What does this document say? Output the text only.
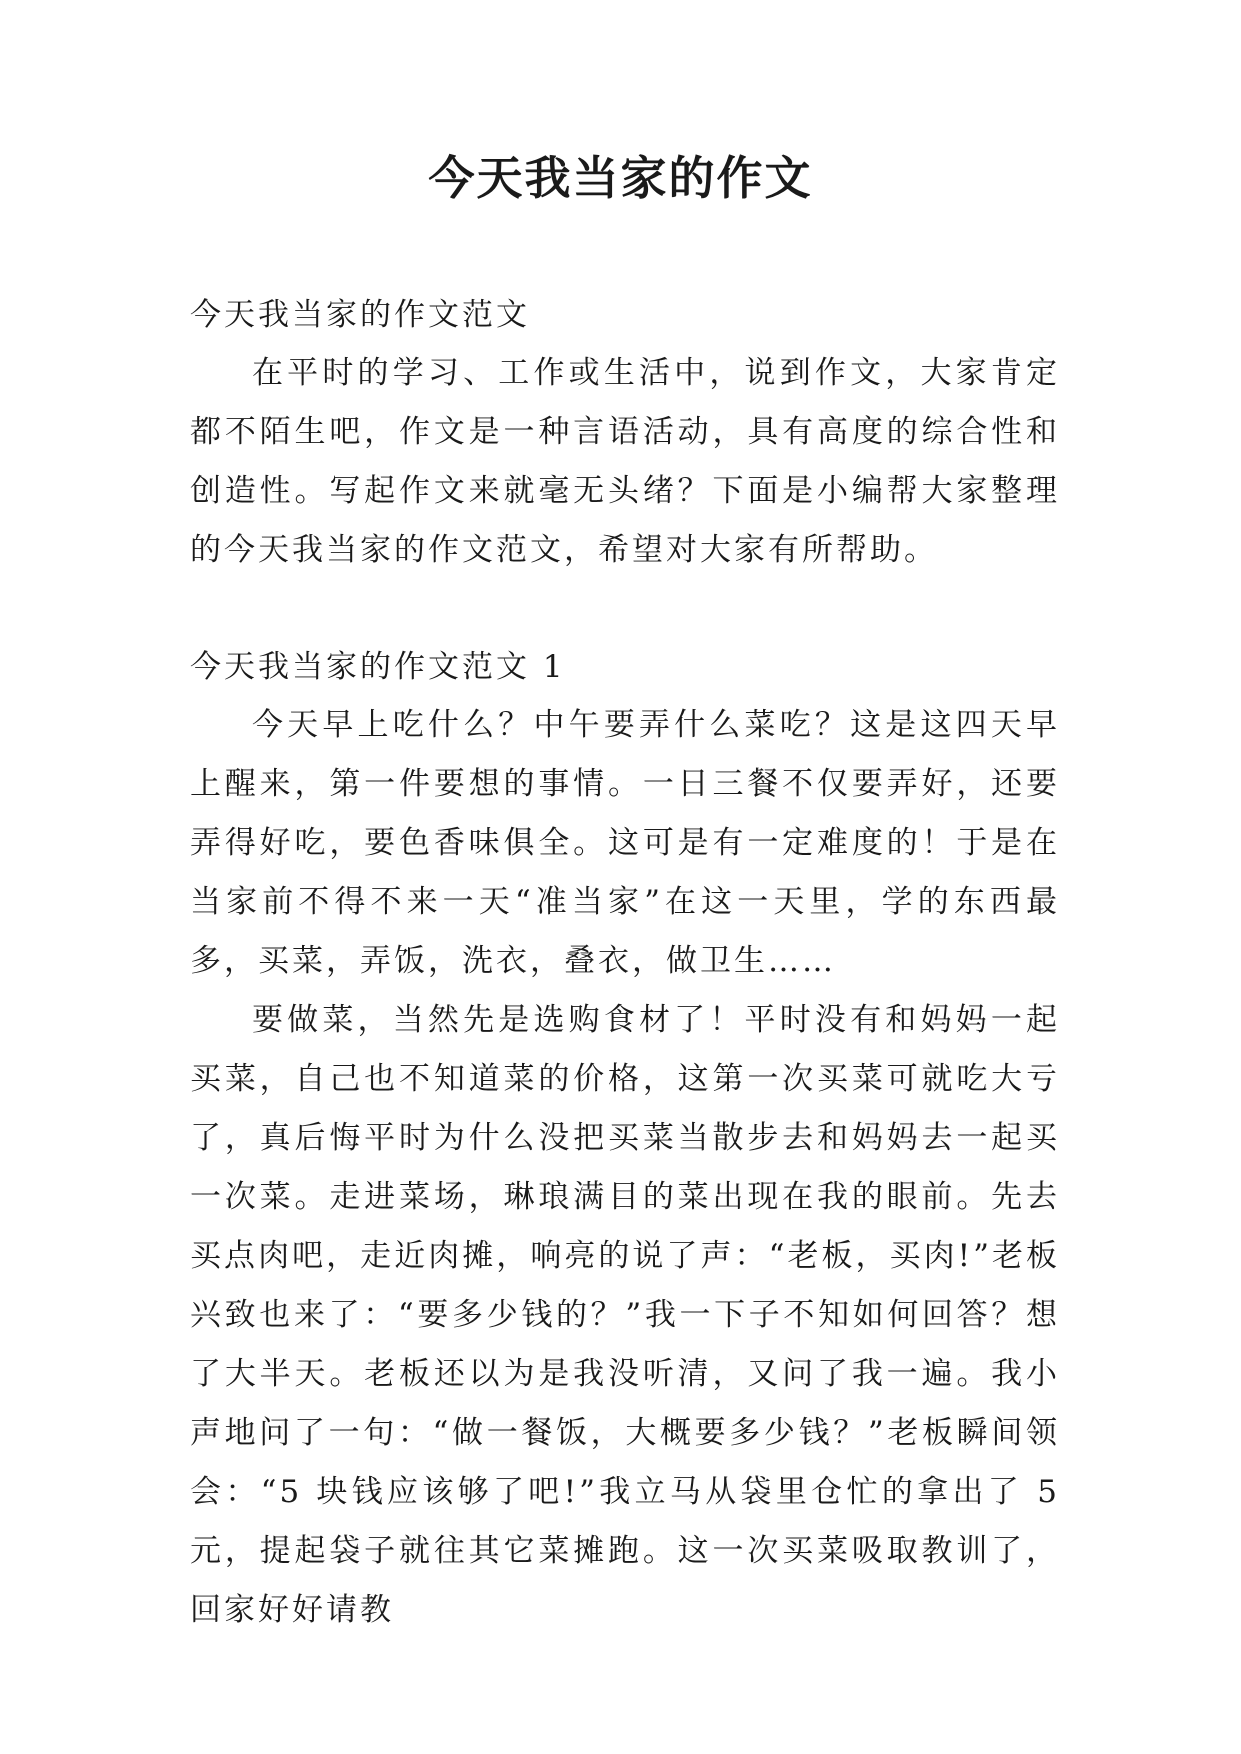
今天我当家的作文
今天我当家的作文范文

在平时的学习、工作或生活中，说到作文，大家肯定都不陌生吧，作文是一种言语活动，具有高度的综合性和创造性。写起作文来就毫无头绪？下面是小编帮大家整理的今天我当家的作文范文，希望对大家有所帮助。

今天我当家的作文范文 1

今天早上吃什么？中午要弄什么菜吃？这是这四天早上醒来，第一件要想的事情。一日三餐不仅要弄好，还要弄得好吃，要色香味俱全。这可是有一定难度的！于是在当家前不得不来一天“准当家”在这一天里，学的东西最多，买菜，弄饭，洗衣，叠衣，做卫生……

要做菜，当然先是选购食材了！平时没有和妈妈一起买菜，自己也不知道菜的价格，这第一次买菜可就吃大亏了，真后悔平时为什么没把买菜当散步去和妈妈去一起买一次菜。走进菜场，琳琅满目的菜出现在我的眼前。先去买点肉吧，走近肉摊，响亮的说了声：“老板，买肉!”老板兴致也来了：“要多少钱的？”我一下子不知如何回答？想了大半天。老板还以为是我没听清，又问了我一遍。我小声地问了一句：“做一餐饭，大概要多少钱？”老板瞬间领会：“5 块钱应该够了吧!”我立马从袋里仓忙的拿出了 5 元，提起袋子就往其它菜摊跑。这一次买菜吸取教训了，回家好好请教
